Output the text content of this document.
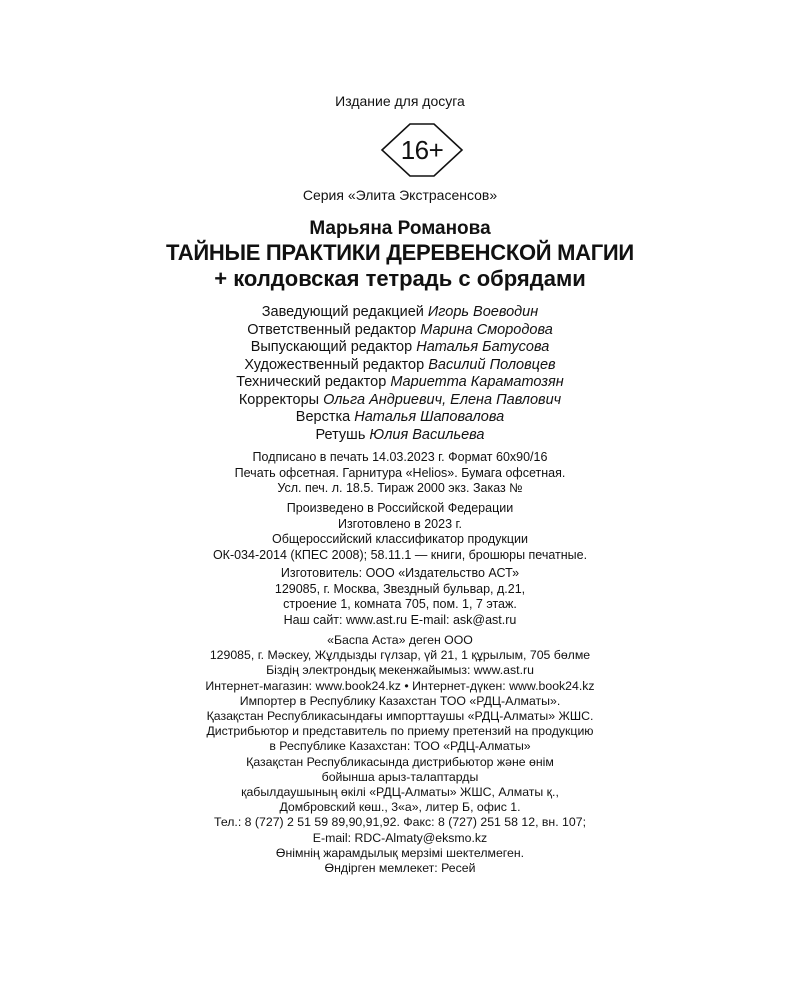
Издание для досуга
16+
Серия «Элита Экстрасенсов»
Марьяна Романова
ТАЙНЫЕ ПРАКТИКИ ДЕРЕВЕНСКОЙ МАГИИ
+ колдовская тетрадь с обрядами
Заведующий редакцией Игорь Воеводин
Ответственный редактор Марина Смородова
Выпускающий редактор Наталья Батусова
Художественный редактор Василий Половцев
Технический редактор Мариетта Караматозян
Корректоры Ольга Андриевич, Елена Павлович
Верстка Наталья Шаповалова
Ретушь Юлия Васильева
Подписано в печать 14.03.2023 г. Формат 60х90/16
Печать офсетная. Гарнитура «Helios». Бумага офсетная.
Усл. печ. л. 18.5. Тираж 2000 экз. Заказ №
Произведено в Российской Федерации
Изготовлено в 2023 г.
Общероссийский классификатор продукции
ОК-034-2014 (КПЕС 2008); 58.11.1 — книги, брошюры печатные.
Изготовитель: ООО «Издательство АСТ»
129085, г. Москва, Звездный бульвар, д.21,
строение 1, комната 705, пом. 1, 7 этаж.
Наш сайт: www.ast.ru E-mail: ask@ast.ru
«Баспа Аста» деген ООО
129085, г. Мәскеу, Жұлдызды гүлзар, үй 21, 1 құрылым, 705 бөлме
Біздің электрондық мекенжайымыз: www.ast.ru
Интернет-магазин: www.book24.kz • Интернет-дүкен: www.book24.kz
Импортер в Республику Казахстан ТОО «РДЦ-Алматы».
Қазақстан Республикасындағы импорттаушы «РДЦ-Алматы» ЖШС.
Дистрибьютор и представитель по приему претензий на продукцию
в Республике Казахстан: ТОО «РДЦ-Алматы»
Қазақстан Республикасында дистрибьютор және өнім
бойынша арыз-талаптарды
қабылдаушының өкілі «РДЦ-Алматы» ЖШС, Алматы қ.,
Домбровский көш., 3«а», литер Б, офис 1.
Тел.: 8 (727) 2 51 59 89,90,91,92. Факс: 8 (727) 251 58 12, вн. 107;
E-mail: RDC-Almaty@eksmo.kz
Өнімнің жарамдылық мерзімі шектелмеген.
Өндірген мемлекет: Ресей
